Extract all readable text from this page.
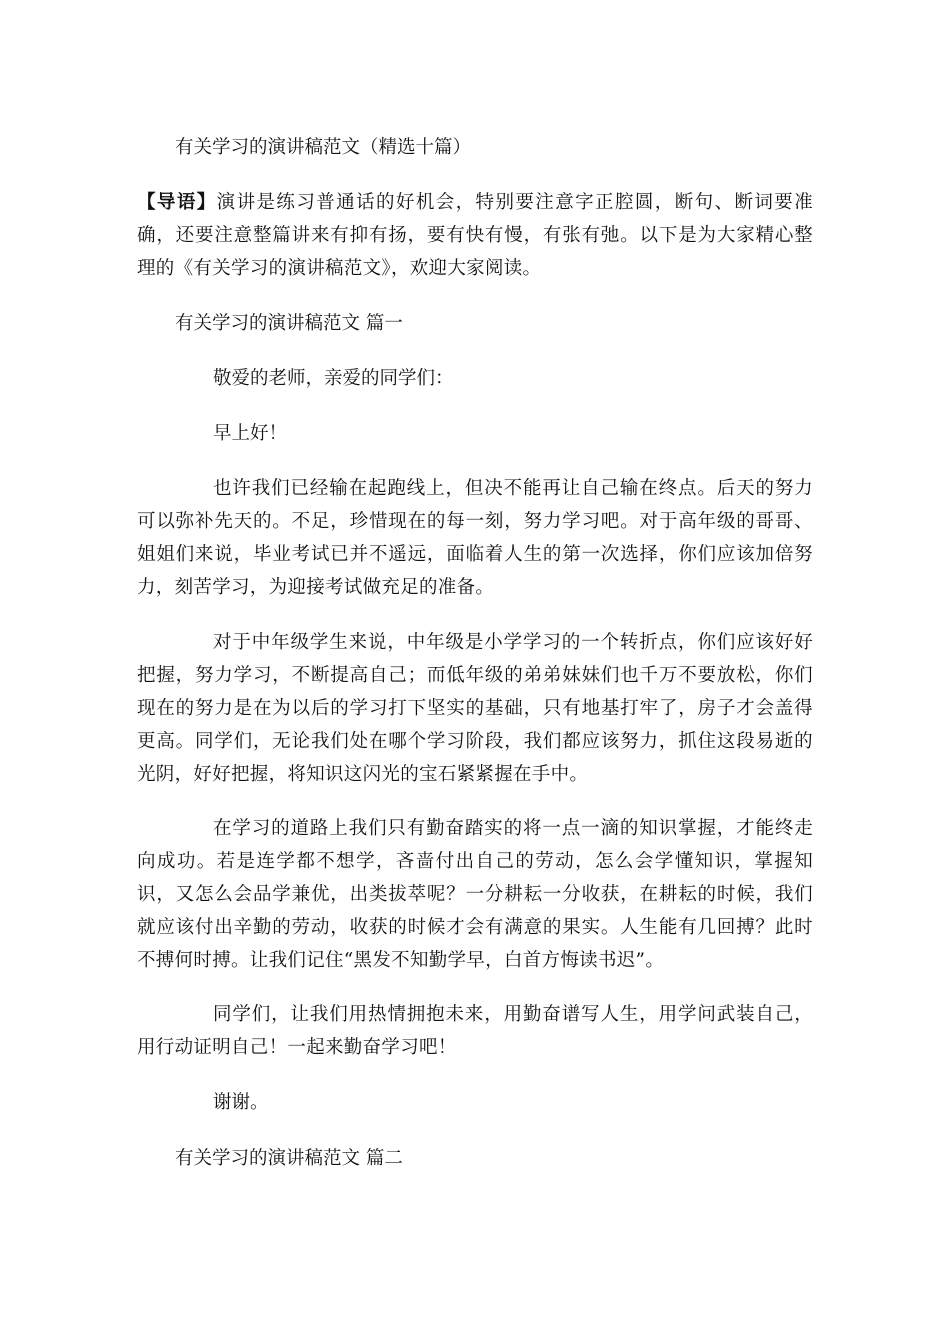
有关学习的演讲稿范文（精选十篇）

【导语】演讲是练习普通话的好机会，特别要注意字正腔圆，断句、断词要准确，还要注意整篇讲来有抑有扬，要有快有慢，有张有弛。以下是为大家精心整理的《有关学习的演讲稿范文》，欢迎大家阅读。

有关学习的演讲稿范文 篇一

敬爱的老师，亲爱的同学们：

早上好！

也许我们已经输在起跑线上，但决不能再让自己输在终点。后天的努力可以弥补先天的。不足，珍惜现在的每一刻，努力学习吧。对于高年级的哥哥、姐姐们来说，毕业考试已并不遥远，面临着人生的第一次选择，你们应该加倍努力，刻苦学习，为迎接考试做充足的准备。

对于中年级学生来说，中年级是小学学习的一个转折点，你们应该好好把握，努力学习，不断提高自己；而低年级的弟弟妹妹们也千万不要放松，你们现在的努力是在为以后的学习打下坚实的基础，只有地基打牢了，房子才会盖得更高。同学们，无论我们处在哪个学习阶段，我们都应该努力，抓住这段易逝的光阴，好好把握，将知识这闪光的宝石紧紧握在手中。

在学习的道路上我们只有勤奋踏实的将一点一滴的知识掌握，才能终走向成功。若是连学都不想学，吝啬付出自己的劳动，怎么会学懂知识，掌握知识，又怎么会品学兼优，出类拔萃呢？一分耕耘一分收获，在耕耘的时候，我们就应该付出辛勤的劳动，收获的时候才会有满意的果实。人生能有几回搏？此时不搏何时搏。让我们记住“黑发不知勤学早，白首方悔读书迟”。

同学们，让我们用热情拥抱未来，用勤奋谱写人生，用学问武装自己，用行动证明自己！一起来勤奋学习吧！

谢谢。

有关学习的演讲稿范文 篇二
